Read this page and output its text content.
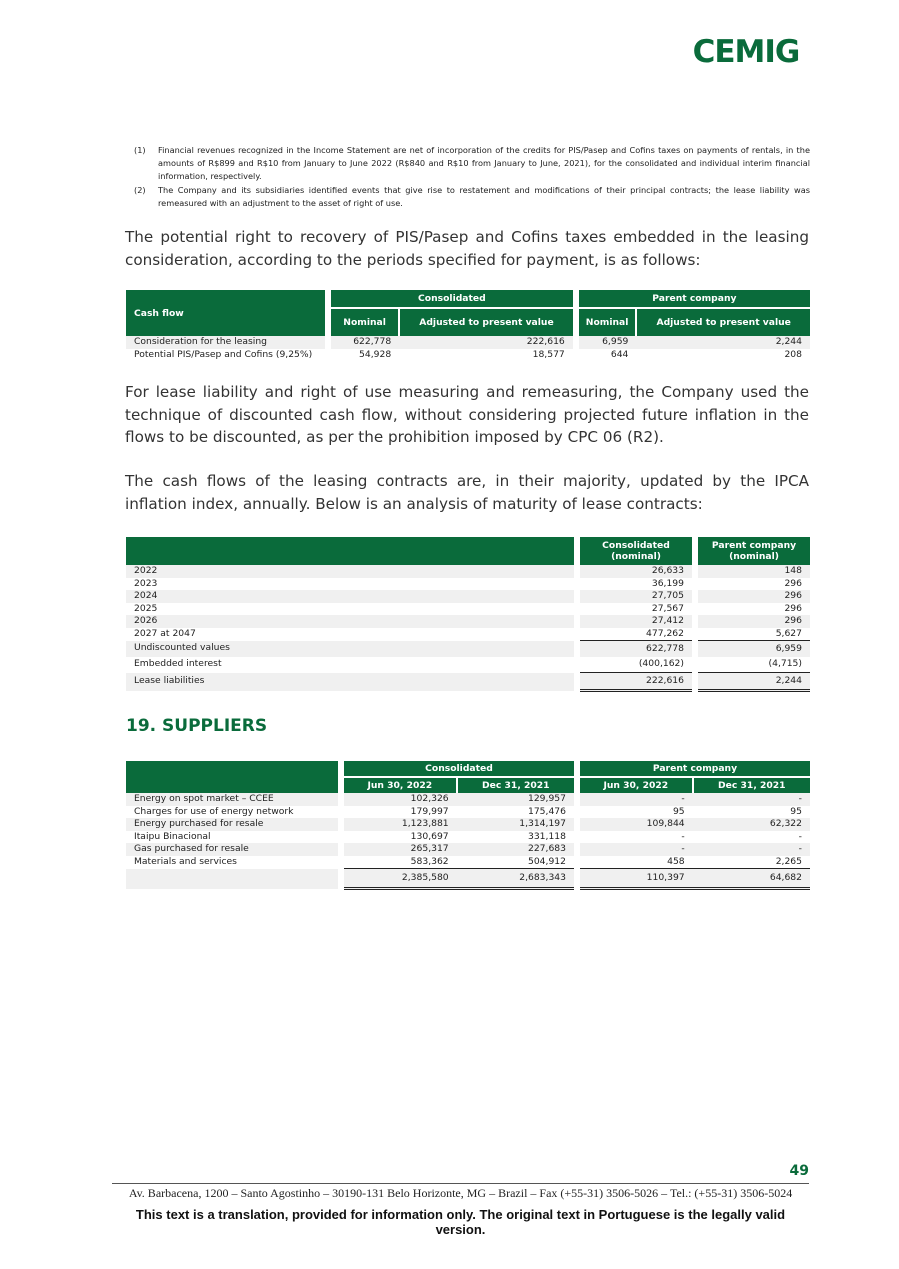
CEMIG
(1)	Financial revenues recognized in the Income Statement are net of incorporation of the credits for PIS/Pasep and Cofins taxes on payments of rentals, in the amounts of R$899 and R$10 from January to June 2022 (R$840 and R$10 from January to June, 2021), for the consolidated and individual interim financial information, respectively.
(2)	The Company and its subsidiaries identified events that give rise to restatement and modifications of their principal contracts; the lease liability was remeasured with an adjustment to the asset of right of use.
The potential right to recovery of PIS/Pasep and Cofins taxes embedded in the leasing consideration, according to the periods specified for payment, is as follows:
Cash flow		Consolidated			Parent company	
		Nominal	Adjusted to present value		Nominal	Adjusted to present value
Consideration for the leasing		622,778	222,616		6,959	2,244
Potential PIS/Pasep and Cofins (9,25%)		54,928	18,577		644	208
For lease liability and right of use measuring and remeasuring, the Company used the technique of discounted cash flow, without considering projected future inflation in the flows to be discounted, as per the prohibition imposed by CPC 06 (R2).
The cash flows of the leasing contracts are, in their majority, updated by the IPCA inflation index, annually. Below is an analysis of maturity of lease contracts:
		Consolidated (nominal)		Parent company (nominal)
2022		26,633		148
2023		36,199		296
2024		27,705		296
2025		27,567		296
2026		27,412		296
2027 at 2047		477,262		5,627
Undiscounted values		622,778		6,959
Embedded interest		(400,162)		(4,715)
Lease liabilities		222,616		2,244
19. SUPPLIERS
		Consolidated			Parent company	
		Jun 30, 2022	Dec 31, 2021		Jun 30, 2022	Dec 31, 2021
Energy on spot market – CCEE		102,326	129,957		-	-
Charges for use of energy network		179,997	175,476		95	95
Energy purchased for resale		1,123,881	1,314,197		109,844	62,322
Itaipu Binacional		130,697	331,118		-	-
Gas purchased for resale		265,317	227,683		-	-
Materials and services		583,362	504,912		458	2,265
		2,385,580	2,683,343		110,397	64,682
49
Av. Barbacena, 1200 – Santo Agostinho – 30190-131 Belo Horizonte, MG – Brazil – Fax (+55-31) 3506-5026 – Tel.: (+55-31) 3506-5024
This text is a translation, provided for information only. The original text in Portuguese is the legally valid version.
